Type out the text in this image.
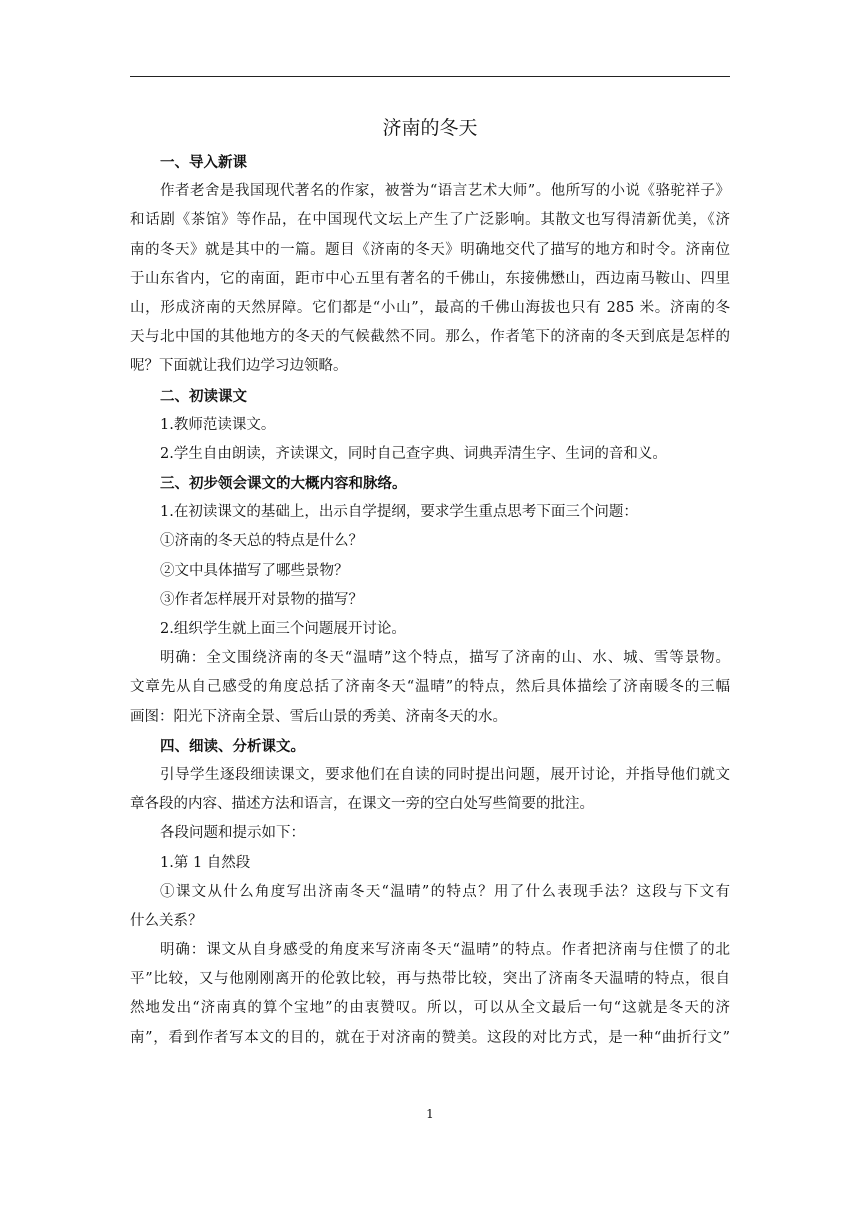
济南的冬天
一、导入新课
作者老舍是我国现代著名的作家，被誉为“语言艺术大师”。他所写的小说《骆驼祥子》
和话剧《茶馆》等作品，在中国现代文坛上产生了广泛影响。其散文也写得清新优美，《济
南的冬天》就是其中的一篇。题目《济南的冬天》明确地交代了描写的地方和时令。济南位
于山东省内，它的南面，距市中心五里有著名的千佛山，东接佛懋山，西边南马鞍山、四里
山，形成济南的天然屏障。它们都是“小山”，最高的千佛山海拔也只有 285 米。济南的冬
天与北中国的其他地方的冬天的气候截然不同。那么，作者笔下的济南的冬天到底是怎样的
呢？下面就让我们边学习边领略。
二、初读课文
1.教师范读课文。
2.学生自由朗读，齐读课文，同时自己查字典、词典弄清生字、生词的音和义。
三、初步领会课文的大概内容和脉络。
1.在初读课文的基础上，出示自学提纲，要求学生重点思考下面三个问题：
①济南的冬天总的特点是什么？
②文中具体描写了哪些景物？
③作者怎样展开对景物的描写？
2.组织学生就上面三个问题展开讨论。
明确：全文围绕济南的冬天“温晴”这个特点，描写了济南的山、水、城、雪等景物。
文章先从自己感受的角度总括了济南冬天“温晴”的特点，然后具体描绘了济南暖冬的三幅
画图：阳光下济南全景、雪后山景的秀美、济南冬天的水。
四、细读、分析课文。
引导学生逐段细读课文，要求他们在自读的同时提出问题，展开讨论，并指导他们就文
章各段的内容、描述方法和语言，在课文一旁的空白处写些简要的批注。
各段问题和提示如下：
1.第 1 自然段
①课文从什么角度写出济南冬天“温晴”的特点？用了什么表现手法？这段与下文有
什么关系？
明确：课文从自身感受的角度来写济南冬天“温晴”的特点。作者把济南与住惯了的北
平”比较，又与他刚刚离开的伦敦比较，再与热带比较，突出了济南冬天温晴的特点，很自
然地发出“济南真的算个宝地”的由衷赞叹。所以，可以从全文最后一句“这就是冬天的济
南”，看到作者写本文的目的，就在于对济南的赞美。这段的对比方式，是一种“曲折行文”
1
